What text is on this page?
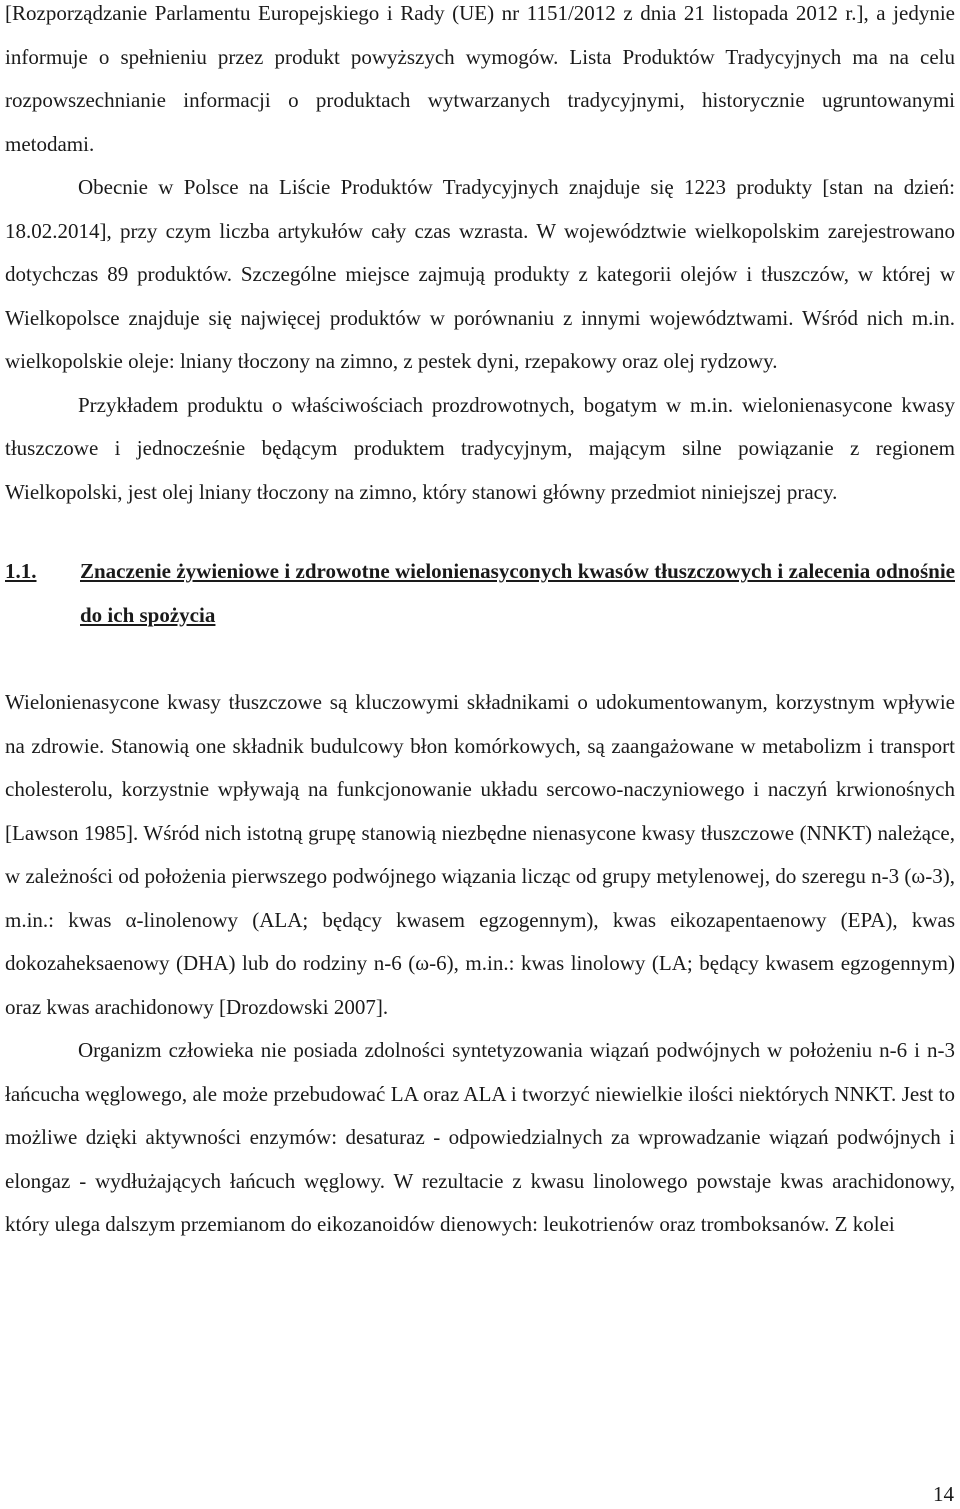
[Rozporządzanie Parlamentu Europejskiego i Rady (UE) nr 1151/2012 z dnia 21 listopada 2012 r.], a jedynie informuje o spełnieniu przez produkt powyższych wymogów. Lista Produktów Tradycyjnych ma na celu rozpowszechnianie informacji o produktach wytwarzanych tradycyjnymi, historycznie ugruntowanymi metodami.

Obecnie w Polsce na Liście Produktów Tradycyjnych znajduje się 1223 produkty [stan na dzień: 18.02.2014], przy czym liczba artykułów cały czas wzrasta. W województwie wielkopolskim zarejestrowano dotychczas 89 produktów. Szczególne miejsce zajmują produkty z kategorii olejów i tłuszczów, w której w Wielkopolsce znajduje się najwięcej produktów w porównaniu z innymi województwami. Wśród nich m.in. wielkopolskie oleje: lniany tłoczony na zimno, z pestek dyni, rzepakowy oraz olej rydzowy.

Przykładem produktu o właściwościach prozdrowotnych, bogatym w m.in. wielonienasycone kwasy tłuszczowe i jednocześnie będącym produktem tradycyjnym, mającym silne powiązanie z regionem Wielkopolski, jest olej lniany tłoczony na zimno, który stanowi główny przedmiot niniejszej pracy.

1.1.	Znaczenie żywieniowe i zdrowotne wielonienasyconych kwasów tłuszczowych i zalecenia odnośnie do ich spożycia

Wielonienasycone kwasy tłuszczowe są kluczowymi składnikami o udokumentowanym, korzystnym wpływie na zdrowie. Stanowią one składnik budulcowy błon komórkowych, są zaangażowane w metabolizm i transport cholesterolu, korzystnie wpływają na funkcjonowanie układu sercowo-naczyniowego i naczyń krwionośnych [Lawson 1985]. Wśród nich istotną grupę stanowią niezbędne nienasycone kwasy tłuszczowe (NNKT) należące, w zależności od położenia pierwszego podwójnego wiązania licząc od grupy metylenowej, do szeregu n-3 (ω-3), m.in.: kwas α-linolenowy (ALA; będący kwasem egzogennym), kwas eikozapentaenowy (EPA), kwas dokozaheksaenowy (DHA) lub do rodziny n-6 (ω-6), m.in.: kwas linolowy (LA; będący kwasem egzogennym) oraz kwas arachidonowy [Drozdowski 2007].

Organizm człowieka nie posiada zdolności syntetyzowania wiązań podwójnych w położeniu n-6 i n-3 łańcucha węglowego, ale może przebudować LA oraz ALA i tworzyć niewielkie ilości niektórych NNKT. Jest to możliwe dzięki aktywności enzymów: desaturaz - odpowiedzialnych za wprowadzanie wiązań podwójnych i elongaz - wydłużających łańcuch węglowy. W rezultacie z kwasu linolowego powstaje kwas arachidonowy, który ulega dalszym przemianom do eikozanoidów dienowych: leukotrienów oraz tromboksanów. Z kolei

14
